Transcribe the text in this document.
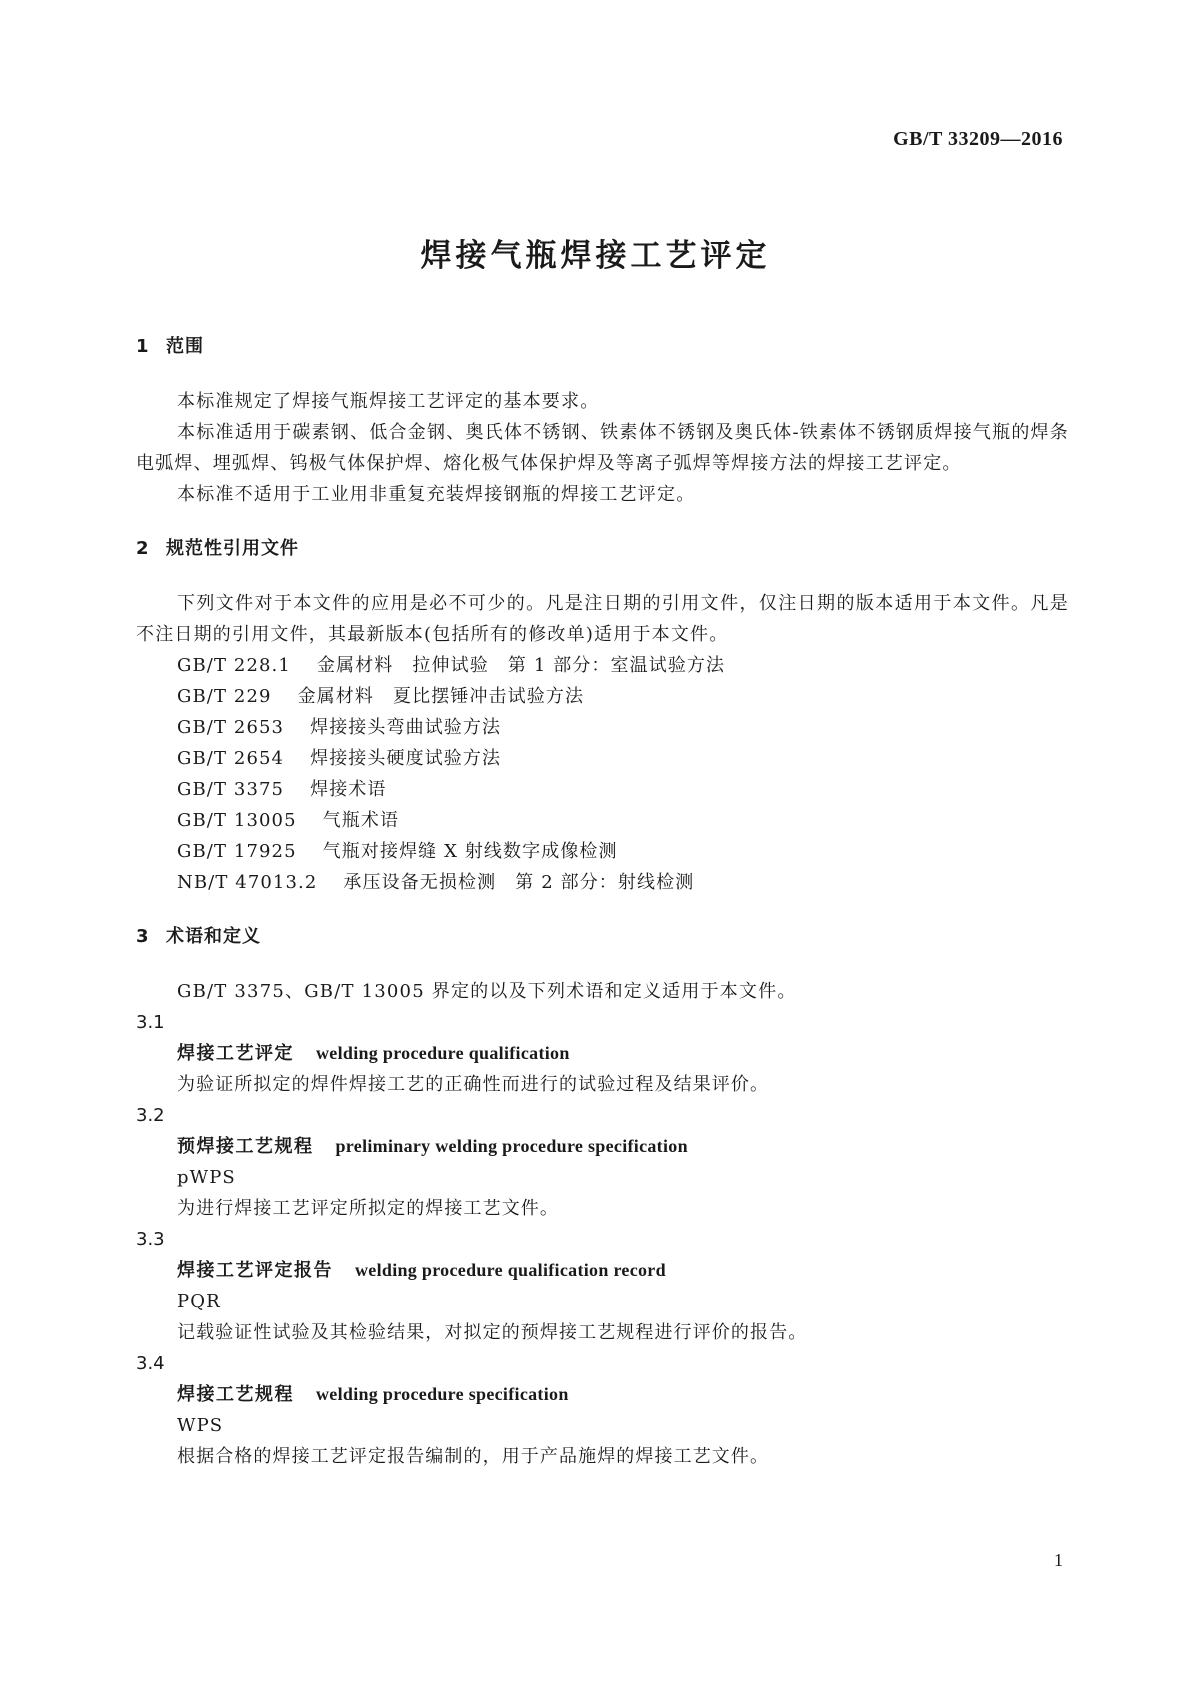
GB/T 33209—2016
焊接气瓶焊接工艺评定
1 范围
本标准规定了焊接气瓶焊接工艺评定的基本要求。
本标准适用于碳素钢、低合金钢、奥氏体不锈钢、铁素体不锈钢及奥氏体-铁素体不锈钢质焊接气瓶的焊条电弧焊、埋弧焊、钨极气体保护焊、熔化极气体保护焊及等离子弧焊等焊接方法的焊接工艺评定。
本标准不适用于工业用非重复充装焊接钢瓶的焊接工艺评定。
2 规范性引用文件
下列文件对于本文件的应用是必不可少的。凡是注日期的引用文件，仅注日期的版本适用于本文件。凡是不注日期的引用文件，其最新版本(包括所有的修改单)适用于本文件。
GB/T 228.1 金属材料　拉伸试验　第 1 部分：室温试验方法
GB/T 229 金属材料　夏比摆锤冲击试验方法
GB/T 2653 焊接接头弯曲试验方法
GB/T 2654 焊接接头硬度试验方法
GB/T 3375 焊接术语
GB/T 13005 气瓶术语
GB/T 17925 气瓶对接焊缝 X 射线数字成像检测
NB/T 47013.2 承压设备无损检测　第 2 部分：射线检测
3 术语和定义
GB/T 3375、GB/T 13005 界定的以及下列术语和定义适用于本文件。
3.1
焊接工艺评定 welding procedure qualification
为验证所拟定的焊件焊接工艺的正确性而进行的试验过程及结果评价。
3.2
预焊接工艺规程 preliminary welding procedure specification
pWPS
为进行焊接工艺评定所拟定的焊接工艺文件。
3.3
焊接工艺评定报告 welding procedure qualification record
PQR
记载验证性试验及其检验结果，对拟定的预焊接工艺规程进行评价的报告。
3.4
焊接工艺规程 welding procedure specification
WPS
根据合格的焊接工艺评定报告编制的，用于产品施焊的焊接工艺文件。
1
